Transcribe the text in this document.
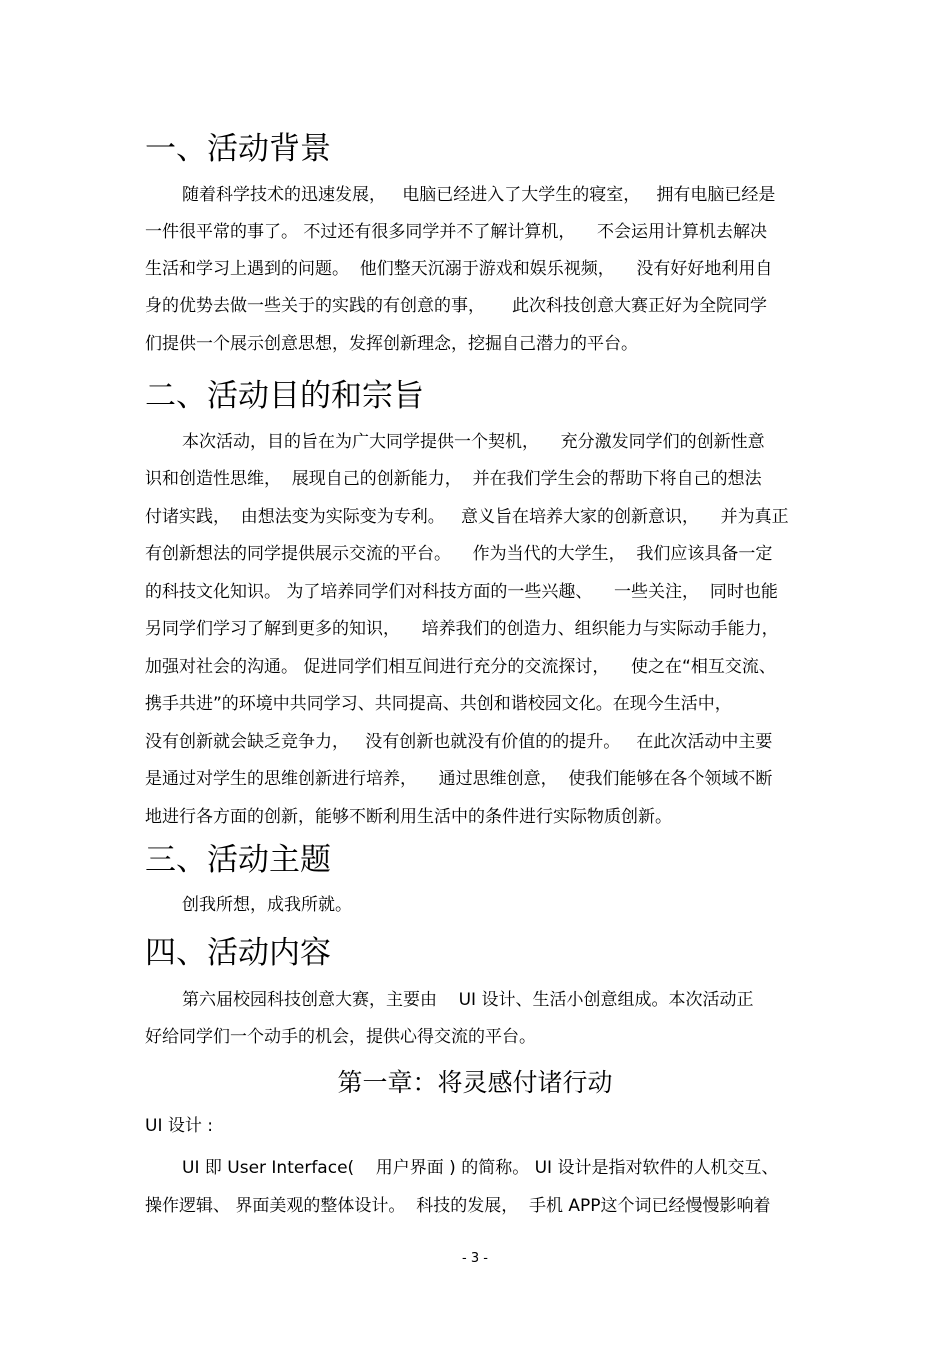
一、活动背景
随着科学技术的迅速发展，   电脑已经进入了大学生的寝室，   拥有电脑已经是
一件很平常的事了。 不过还有很多同学并不了解计算机，    不会运用计算机去解决
生活和学习上遇到的问题。  他们整天沉溺于游戏和娱乐视频，    没有好好地利用自
身的优势去做一些关于的实践的有创意的事，     此次科技创意大赛正好为全院同学
们提供一个展示创意思想，发挥创新理念，挖掘自己潜力的平台。
二、活动目的和宗旨
本次活动，目的旨在为广大同学提供一个契机，    充分激发同学们的创新性意
识和创造性思维，  展现自己的创新能力，  并在我们学生会的帮助下将自己的想法
付诸实践，  由想法变为实际变为专利。   意义旨在培养大家的创新意识，    并为真正
有创新想法的同学提供展示交流的平台。    作为当代的大学生，  我们应该具备一定
的科技文化知识。 为了培养同学们对科技方面的一些兴趣、    一些关注，  同时也能
另同学们学习了解到更多的知识，    培养我们的创造力、组织能力与实际动手能力，
加强对社会的沟通。 促进同学们相互间进行充分的交流探讨，    使之在“相互交流、
携手共进”的环境中共同学习、共同提高、共创和谐校园文化。在现今生活中，
没有创新就会缺乏竞争力，   没有创新也就没有价值的的提升。   在此次活动中主要
是通过对学生的思维创新进行培养，    通过思维创意，  使我们能够在各个领域不断
地进行各方面的创新，能够不断利用生活中的条件进行实际物质创新。
三、活动主题
创我所想，成我所就。
四、活动内容
第六届校园科技创意大赛，主要由    UI 设计、生活小创意组成。本次活动正
好给同学们一个动手的机会，提供心得交流的平台。
第一章：将灵感付诸行动
UI 设计 :
UI 即 User Interface(    用户界面 ) 的简称。 UI 设计是指对软件的人机交互、
操作逻辑、 界面美观的整体设计。  科技的发展，  手机 APP这个词已经慢慢影响着
- 3 -
